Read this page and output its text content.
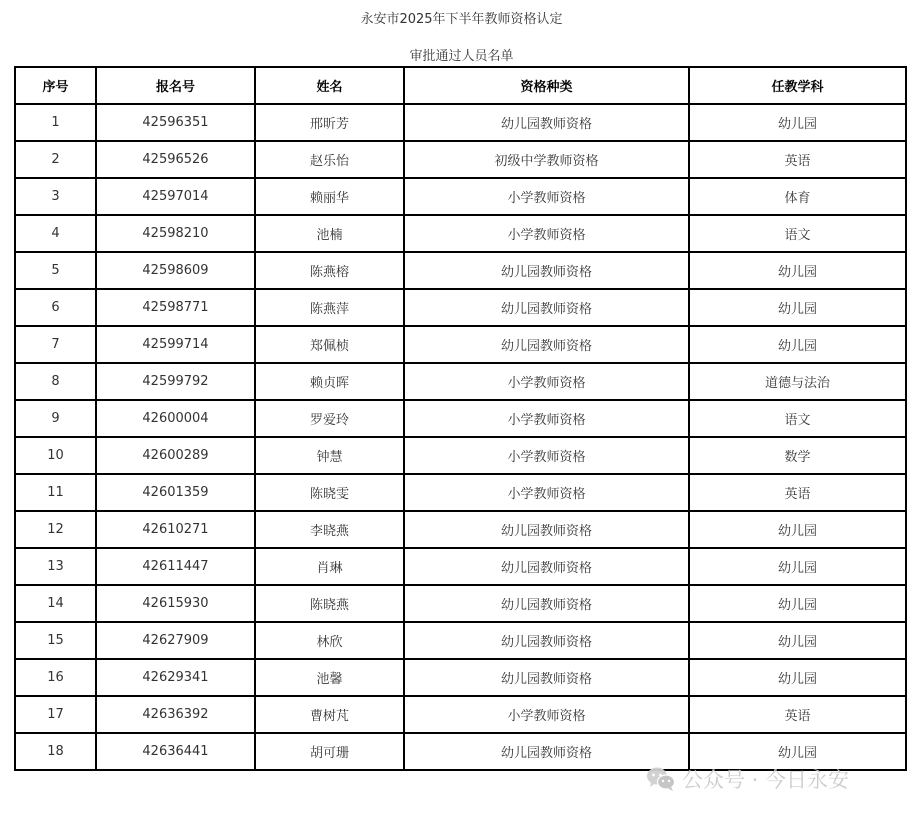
永安市2025年下半年教师资格认定
审批通过人员名单
序号	报名号	姓名	资格种类	任教学科
1	42596351	邢昕芳	幼儿园教师资格	幼儿园
2	42596526	赵乐怡	初级中学教师资格	英语
3	42597014	赖丽华	小学教师资格	体育
4	42598210	池楠	小学教师资格	语文
5	42598609	陈燕榕	幼儿园教师资格	幼儿园
6	42598771	陈燕萍	幼儿园教师资格	幼儿园
7	42599714	郑佩桢	幼儿园教师资格	幼儿园
8	42599792	赖贞晖	小学教师资格	道德与法治
9	42600004	罗爱玲	小学教师资格	语文
10	42600289	钟慧	小学教师资格	数学
11	42601359	陈晓雯	小学教师资格	英语
12	42610271	李晓燕	幼儿园教师资格	幼儿园
13	42611447	肖琳	幼儿园教师资格	幼儿园
14	42615930	陈晓燕	幼儿园教师资格	幼儿园
15	42627909	林欣	幼儿园教师资格	幼儿园
16	42629341	池馨	幼儿园教师资格	幼儿园
17	42636392	曹树芃	小学教师资格	英语
18	42636441	胡可珊	幼儿园教师资格	幼儿园
公众号 · 今日永安
